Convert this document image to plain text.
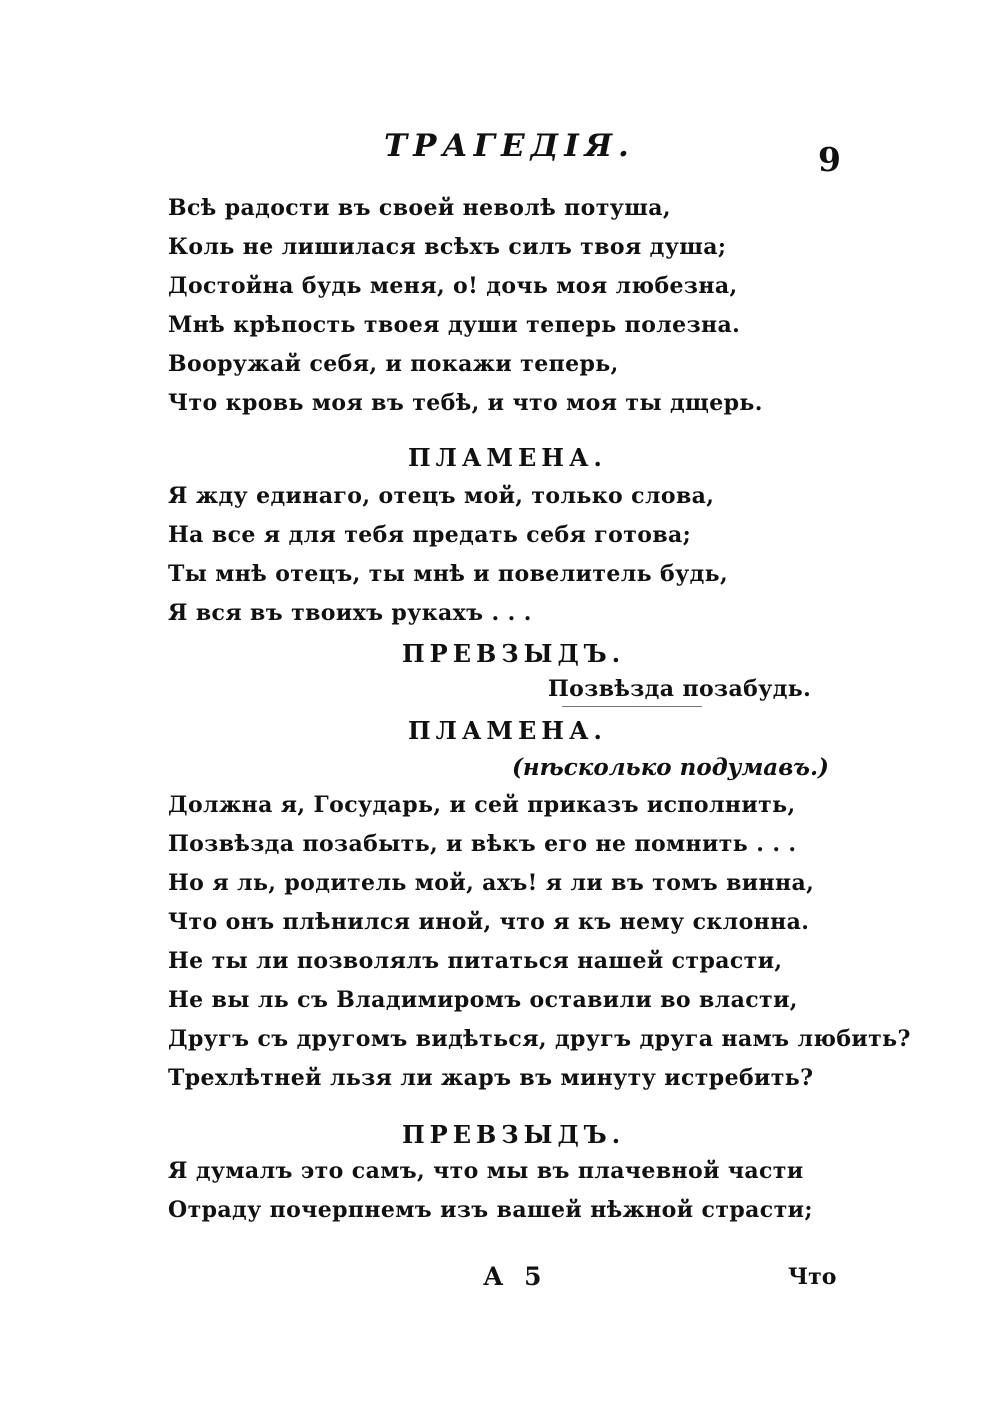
ТРАГЕДІЯ.	9
Всѣ радости въ своей неволѣ потуша,
Коль не лишилася всѣхъ силъ твоя душа;
Достойна будь меня, о! дочь моя любезна,
Мнѣ крѣпость твоея души теперь полезна.
Вооружай себя, и покажи теперь,
Что кровь моя въ тебѣ, и что моя ты дщерь.
ПЛАМЕНА.
Я жду единаго, отецъ мой, только слова,
На все я для тебя предать себя готова;
Ты мнѣ отецъ, ты мнѣ и повелитель будь,
Я вся въ твоихъ рукахъ . . .
ПРЕВЗЫДЪ.
Позвѣзда позабудь.
ПЛАМЕНА.
(нѣсколько подумавъ.)
Должна я, Государь, и сей приказъ исполнить,
Позвѣзда позабыть, и вѣкъ его не помнить . . .
Но я ль, родитель мой, ахъ! я ли въ томъ винна,
Что онъ плѣнился иной, что я къ нему склонна.
Не ты ли позволялъ питаться нашей страсти,
Не вы ль съ Владимиромъ оставили во власти,
Другъ съ другомъ видѣться, другъ друга намъ любить?
Трехлѣтней льзя ли жаръ въ минуту истребить?
ПРЕВЗЫДЪ.
Я думалъ это самъ, что мы въ плачевной части
Отраду почерпнемъ изъ вашей нѣжной страсти;
А 5	Что
